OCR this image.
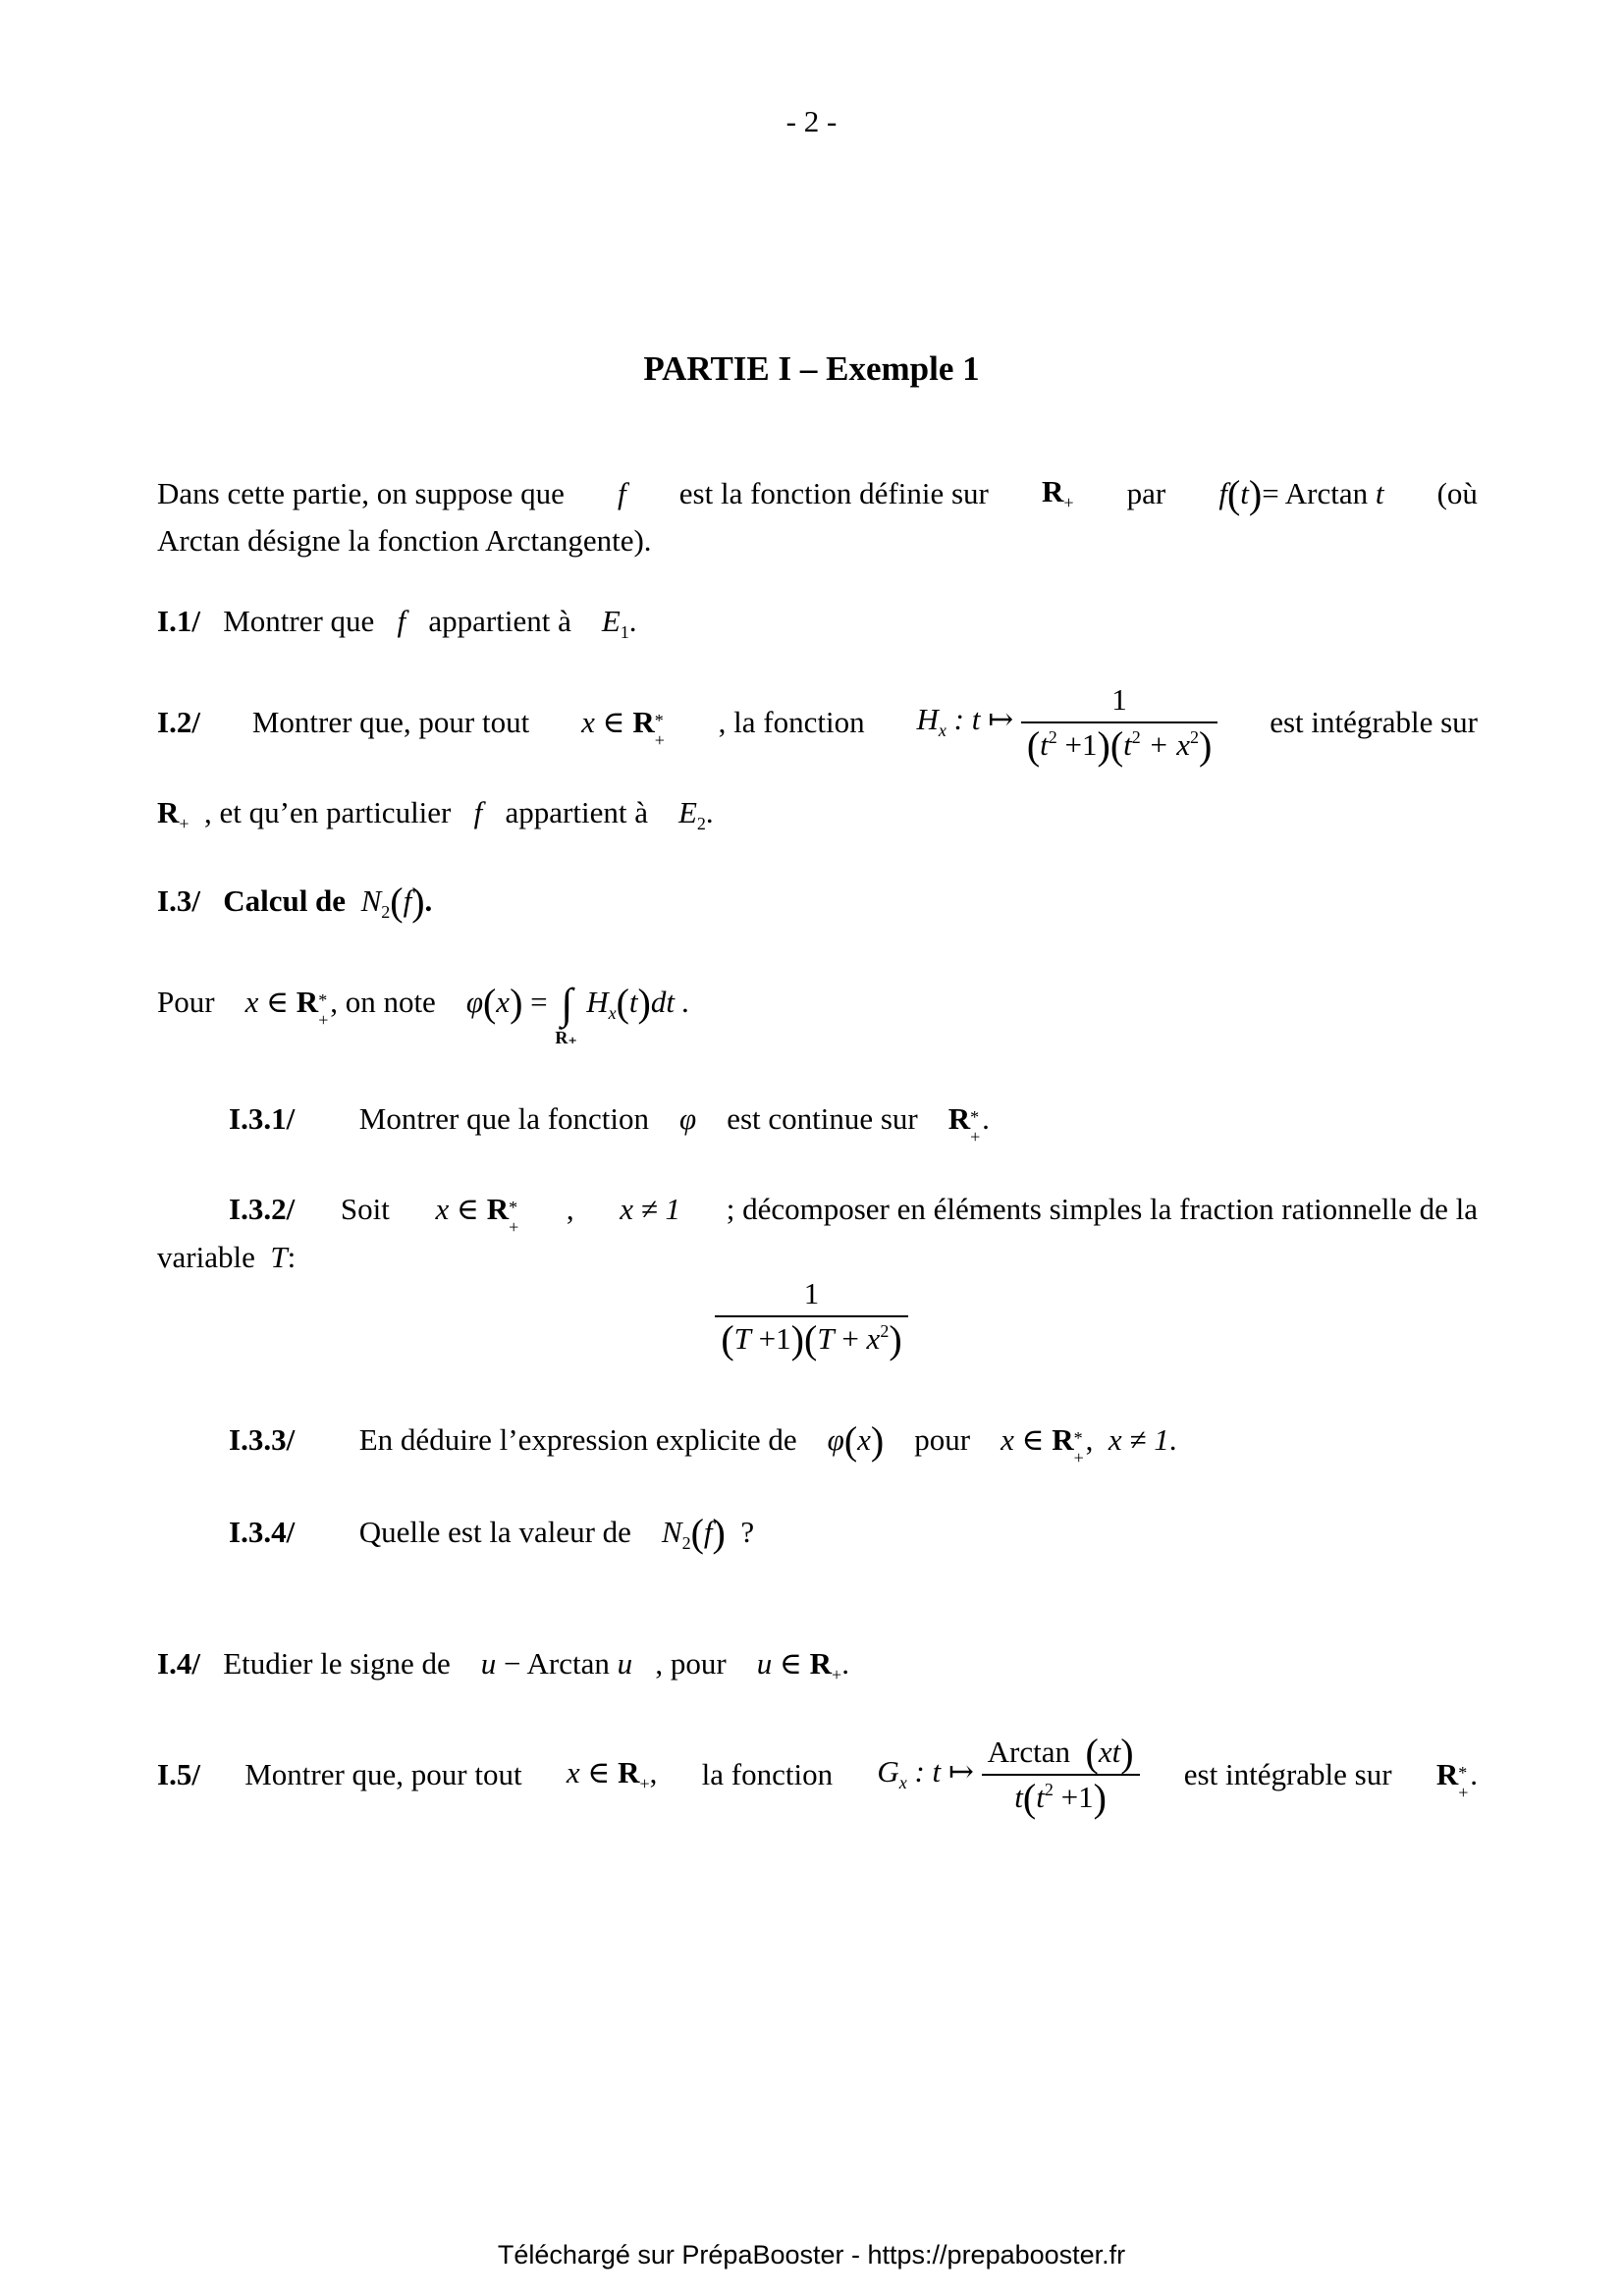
- 2 -
PARTIE I – Exemple 1
Dans cette partie, on suppose que f est la fonction définie sur $R_+$ par f(t)= Arctan t (où
Arctan désigne la fonction Arctangente).
I.1/ Montrer que f appartient à $E_1$.
I.2/ Montrer que, pour tout x ∈ R *
+
, la fonction $H_x$ : t ↦ $\frac{1}{(t^2 +1)(t^2 + x^2)}$ est intégrable sur
$R_+$ , et qu’en particulier f appartient à $E_2$.
I.3/ Calcul de $N_2(f)$.
Pour x ∈ R *
+
, on note φ(x) = ∫
R₊
$H_x(t)dt$ .
I.3.1/ Montrer que la fonction φ est continue sur R *
+
.
I.3.2/ Soit x ∈ R *
+
, x ≠ 1 ; décomposer en éléments simples la fraction rationnelle de la
variable T:
$\frac{1}{(T +1)(T + x^2)}$
I.3.3/ En déduire l’expression explicite de φ(x) pour x ∈ R *
+
, x ≠ 1.
I.3.4/ Quelle est la valeur de $N_2(f)$ ?
I.4/ Etudier le signe de u − Arctan u , pour u ∈ $R_+$.
I.5/ Montrer que, pour tout x ∈ $R_+$, la fonction $G_x$ : t ↦ $\frac{\text{Arctan (xt)}}{t(t^2 +1)}$ est intégrable sur R *
+
.
Téléchargé sur PrépaBooster - https://prepabooster.fr
